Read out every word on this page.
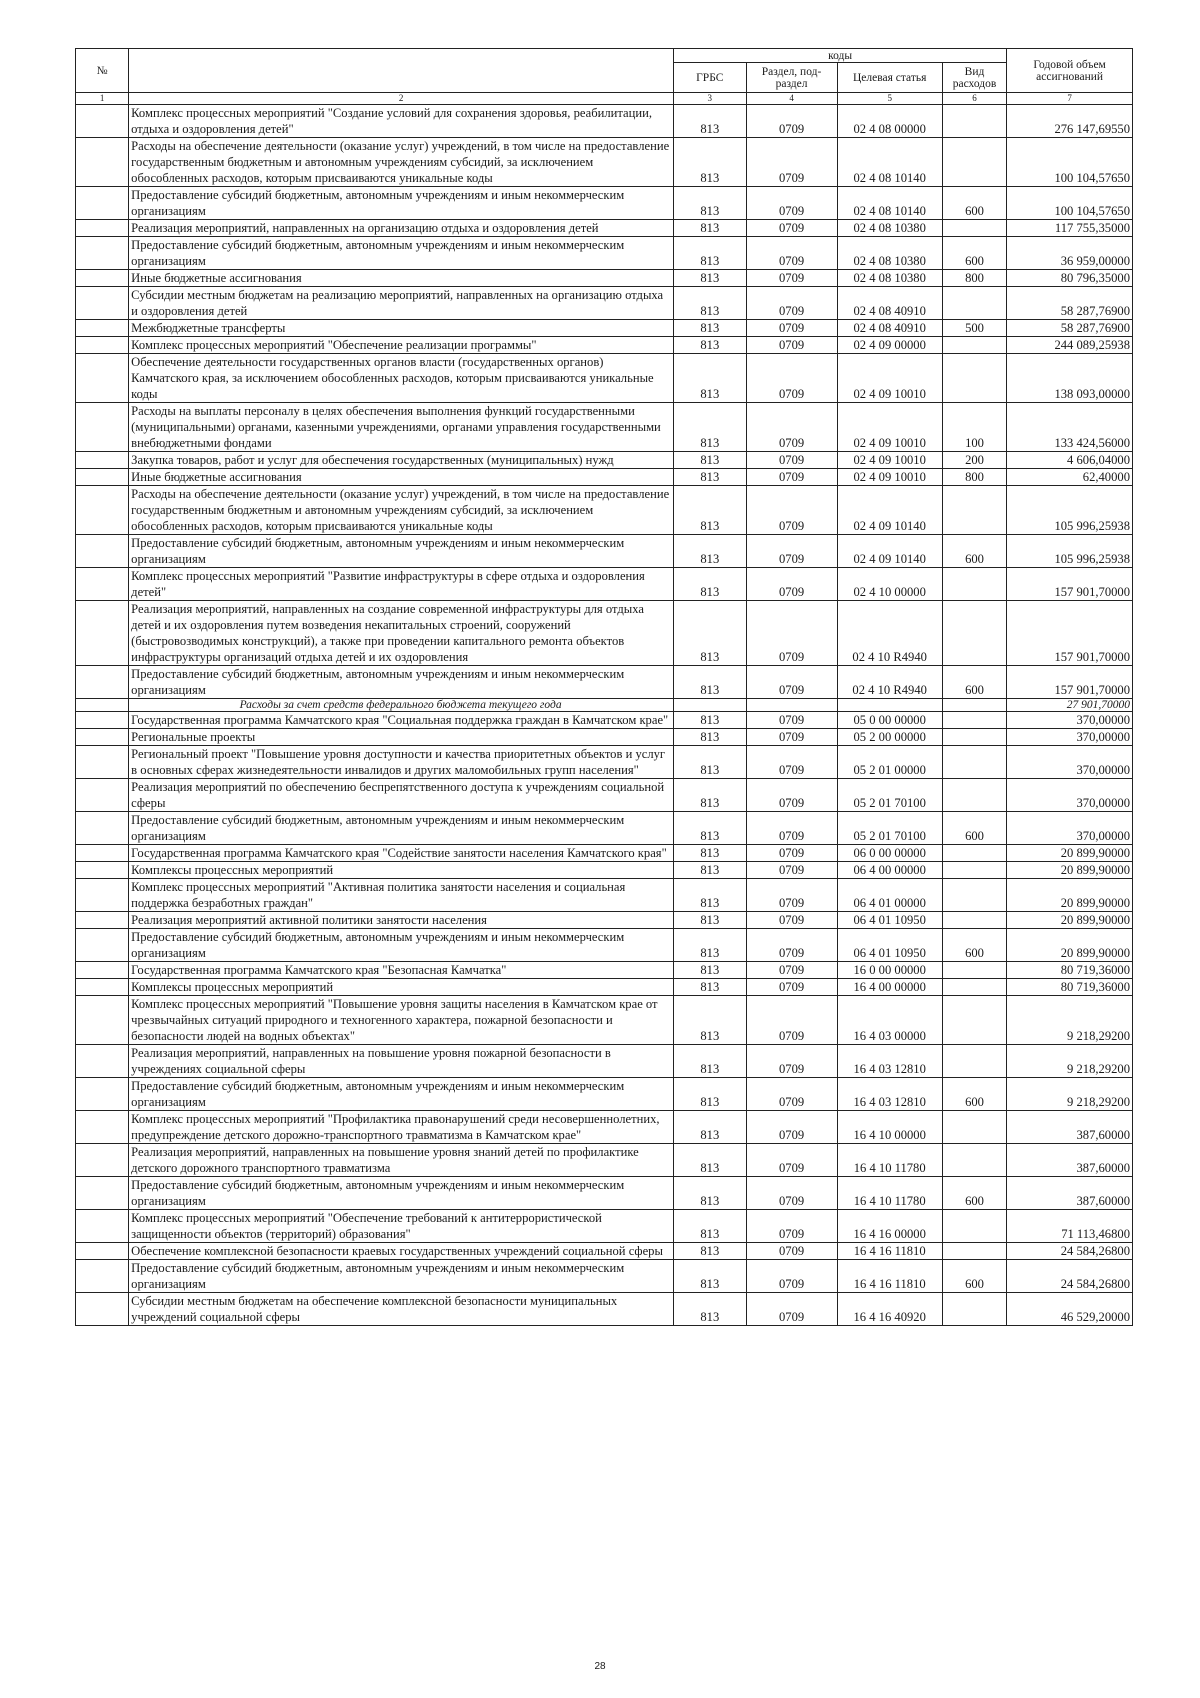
№		коды				Годовой объем ассигнований
		ГРБС	Раздел, под-раздел	Целевая статья	Вид расходов	
1	2	3	4	5	6	7
	Комплекс процессных мероприятий "Создание условий для сохранения здоровья, реабилитации, отдыха и оздоровления детей"	813	0709	02 4 08 00000		276 147,69550
	Расходы на обеспечение деятельности (оказание услуг) учреждений, в том числе на предоставление государственным бюджетным и автономным учреждениям субсидий, за исключением обособленных расходов, которым присваиваются уникальные коды	813	0709	02 4 08 10140		100 104,57650
	Предоставление субсидий бюджетным, автономным учреждениям и иным некоммерческим организациям	813	0709	02 4 08 10140	600	100 104,57650
	Реализация мероприятий, направленных на организацию отдыха и оздоровления детей	813	0709	02 4 08 10380		117 755,35000
	Предоставление субсидий бюджетным, автономным учреждениям и иным некоммерческим организациям	813	0709	02 4 08 10380	600	36 959,00000
	Иные бюджетные ассигнования	813	0709	02 4 08 10380	800	80 796,35000
	Субсидии местным бюджетам на реализацию мероприятий, направленных на организацию отдыха и оздоровления детей	813	0709	02 4 08 40910		58 287,76900
	Межбюджетные трансферты	813	0709	02 4 08 40910	500	58 287,76900
	Комплекс процессных мероприятий "Обеспечение реализации программы"	813	0709	02 4 09 00000		244 089,25938
	Обеспечение деятельности государственных органов власти (государственных органов) Камчатского края, за исключением обособленных расходов, которым присваиваются уникальные коды	813	0709	02 4 09 10010		138 093,00000
	Расходы на выплаты персоналу в целях обеспечения выполнения функций государственными (муниципальными) органами, казенными учреждениями, органами управления государственными внебюджетными фондами	813	0709	02 4 09 10010	100	133 424,56000
	Закупка товаров, работ и услуг для обеспечения государственных (муниципальных) нужд	813	0709	02 4 09 10010	200	4 606,04000
	Иные бюджетные ассигнования	813	0709	02 4 09 10010	800	62,40000
	Расходы на обеспечение деятельности (оказание услуг) учреждений, в том числе на предоставление государственным бюджетным и автономным учреждениям субсидий, за исключением обособленных расходов, которым присваиваются уникальные коды	813	0709	02 4 09 10140		105 996,25938
	Предоставление субсидий бюджетным, автономным учреждениям и иным некоммерческим организациям	813	0709	02 4 09 10140	600	105 996,25938
	Комплекс процессных мероприятий "Развитие инфраструктуры в сфере отдыха и оздоровления детей"	813	0709	02 4 10 00000		157 901,70000
	Реализация мероприятий, направленных на создание современной инфраструктуры для отдыха детей и их оздоровления путем возведения некапитальных строений, сооружений (быстровозводимых конструкций), а также при проведении капитального ремонта объектов инфраструктуры организаций отдыха детей и их оздоровления	813	0709	02 4 10 R4940		157 901,70000
	Предоставление субсидий бюджетным, автономным учреждениям и иным некоммерческим организациям	813	0709	02 4 10 R4940	600	157 901,70000
	Расходы за счет средств федерального бюджета текущего года					27 901,70000
	Государственная программа Камчатского края "Социальная поддержка граждан в Камчатском крае"	813	0709	05 0 00 00000		370,00000
	Региональные проекты	813	0709	05 2 00 00000		370,00000
	Региональный проект "Повышение уровня доступности и качества приоритетных объектов и услуг в основных сферах жизнедеятельности инвалидов и других маломобильных групп населения"	813	0709	05 2 01 00000		370,00000
	Реализация мероприятий по обеспечению беспрепятственного доступа к учреждениям социальной сферы	813	0709	05 2 01 70100		370,00000
	Предоставление субсидий бюджетным, автономным учреждениям и иным некоммерческим организациям	813	0709	05 2 01 70100	600	370,00000
	Государственная программа Камчатского края "Содействие занятости населения Камчатского края"	813	0709	06 0 00 00000		20 899,90000
	Комплексы процессных мероприятий	813	0709	06 4 00 00000		20 899,90000
	Комплекс процессных мероприятий "Активная политика занятости населения и социальная поддержка безработных граждан"	813	0709	06 4 01 00000		20 899,90000
	Реализация мероприятий активной политики занятости населения	813	0709	06 4 01 10950		20 899,90000
	Предоставление субсидий бюджетным, автономным учреждениям и иным некоммерческим организациям	813	0709	06 4 01 10950	600	20 899,90000
	Государственная программа Камчатского края "Безопасная Камчатка"	813	0709	16 0 00 00000		80 719,36000
	Комплексы процессных мероприятий	813	0709	16 4 00 00000		80 719,36000
	Комплекс процессных мероприятий "Повышение уровня защиты населения в Камчатском крае от чрезвычайных ситуаций природного и техногенного характера, пожарной безопасности и безопасности людей на водных объектах"	813	0709	16 4 03 00000		9 218,29200
	Реализация мероприятий, направленных на повышение уровня пожарной безопасности в учреждениях социальной сферы	813	0709	16 4 03 12810		9 218,29200
	Предоставление субсидий бюджетным, автономным учреждениям и иным некоммерческим организациям	813	0709	16 4 03 12810	600	9 218,29200
	Комплекс процессных мероприятий "Профилактика правонарушений среди несовершеннолетних, предупреждение детского дорожно-транспортного травматизма в Камчатском крае"	813	0709	16 4 10 00000		387,60000
	Реализация мероприятий, направленных на повышение уровня знаний детей по профилактике детского дорожного транспортного травматизма	813	0709	16 4 10 11780		387,60000
	Предоставление субсидий бюджетным, автономным учреждениям и иным некоммерческим организациям	813	0709	16 4 10 11780	600	387,60000
	Комплекс процессных мероприятий "Обеспечение требований к антитеррористической защищенности объектов (территорий) образования"	813	0709	16 4 16 00000		71 113,46800
	Обеспечение комплексной безопасности краевых государственных учреждений социальной сферы	813	0709	16 4 16 11810		24 584,26800
	Предоставление субсидий бюджетным, автономным учреждениям и иным некоммерческим организациям	813	0709	16 4 16 11810	600	24 584,26800
	Субсидии местным бюджетам на обеспечение комплексной безопасности муниципальных учреждений социальной сферы	813	0709	16 4 16 40920		46 529,20000
28
